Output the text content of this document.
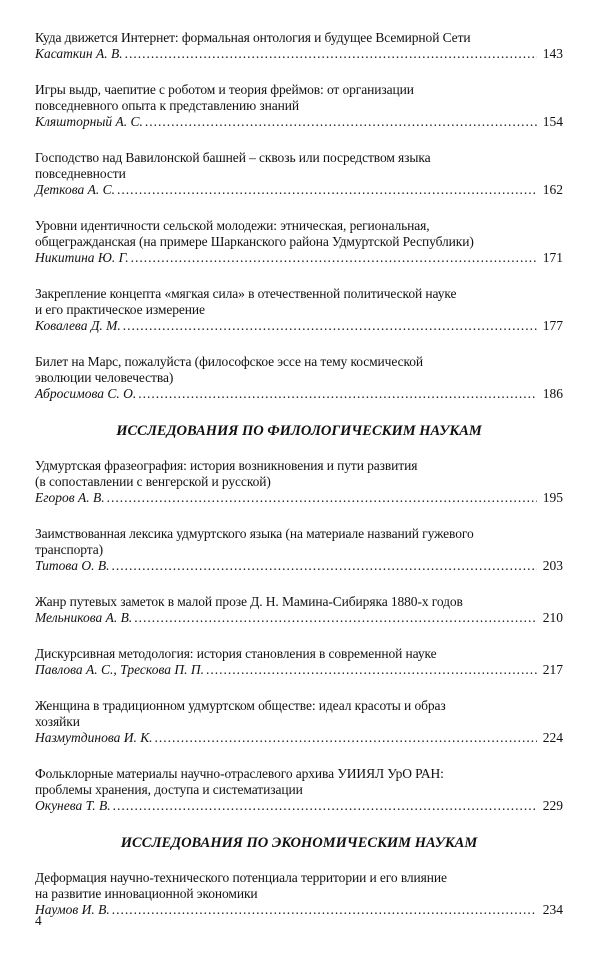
Куда движется Интернет: формальная онтология и будущее Всемирной Сети
Касаткин А. В. .....	143
Игры выдр, чаепитие с роботом и теория фреймов: от организации
повседневного опыта к представлению знаний
Кляшторный А. С. .....	154
Господство над Вавилонской башней – сквозь или посредством языка
повседневности
Деткова А. С. .....	162
Уровни идентичности сельской молодежи: этническая, региональная,
общегражданская (на примере Шарканского района Удмуртской Республики)
Никитина Ю. Г. .....	171
Закрепление концепта «мягкая сила» в отечественной политической науке
и его практическое измерение
Ковалева Д. М. .....	177
Билет на Марс, пожалуйста (философское эссе на тему космической
эволюции человечества)
Абросимова С. О. .....	186
ИССЛЕДОВАНИЯ ПО ФИЛОЛОГИЧЕСКИМ НАУКАМ
Удмуртская фразеография: история возникновения и пути развития
(в сопоставлении с венгерской и русской)
Егоров А. В. .....	195
Заимствованная лексика удмуртского языка (на материале названий гужевого
транспорта)
Титова О. В. .....	203
Жанр путевых заметок в малой прозе Д. Н. Мамина-Сибиряка 1880-х годов
Мельникова А. В. .....	210
Дискурсивная методология: история становления в современной науке
Павлова А. С., Трескова П. П. .....	217
Женщина в традиционном удмуртском обществе: идеал красоты и образ
хозяйки
Назмутдинова И. К. .....	224
Фольклорные материалы научно-отраслевого архива УИИЯЛ УрО РАН:
проблемы хранения, доступа и систематизации
Окунева Т. В. .....	229
ИССЛЕДОВАНИЯ ПО ЭКОНОМИЧЕСКИМ НАУКАМ
Деформация научно-технического потенциала территории и его влияние
на развитие инновационной экономики
Наумов И. В. .....	234
4
